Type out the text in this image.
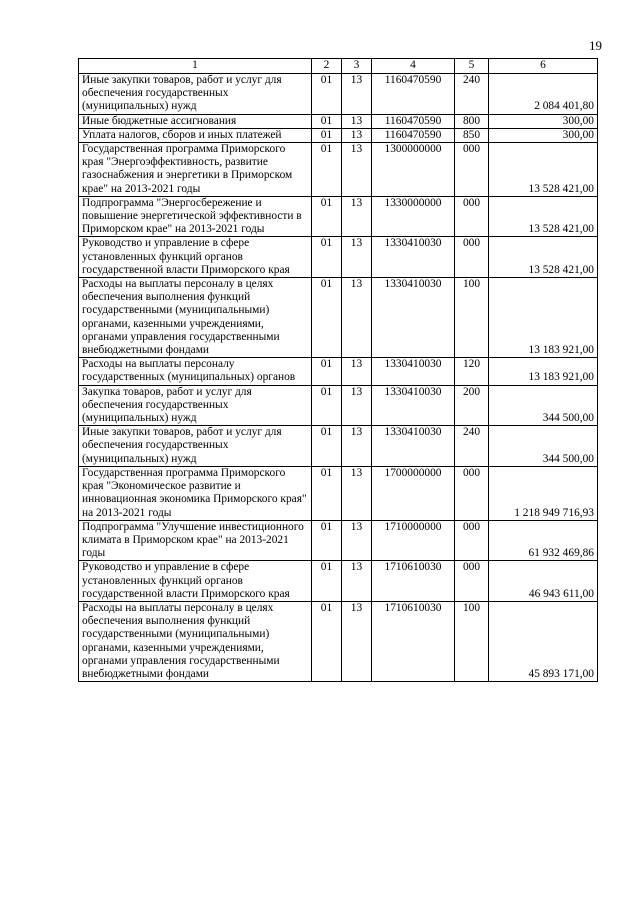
19
1	2	3	4	5	6
Иные закупки товаров, работ и услуг для обеспечения государственных (муниципальных) нужд	01	13	1160470590	240	2 084 401,80
Иные бюджетные ассигнования	01	13	1160470590	800	300,00
Уплата налогов, сборов и иных платежей	01	13	1160470590	850	300,00
Государственная программа Приморского края "Энергоэффективность, развитие газоснабжения и энергетики в Приморском крае" на 2013-2021 годы	01	13	1300000000	000	13 528 421,00
Подпрограмма "Энергосбережение и повышение энергетической эффективности в Приморском крае" на 2013-2021 годы	01	13	1330000000	000	13 528 421,00
Руководство и управление в сфере установленных функций органов государственной власти Приморского края	01	13	1330410030	000	13 528 421,00
Расходы на выплаты персоналу в целях обеспечения выполнения функций государственными (муниципальными) органами, казенными учреждениями, органами управления государственными внебюджетными фондами	01	13	1330410030	100	13 183 921,00
Расходы на выплаты персоналу государственных (муниципальных) органов	01	13	1330410030	120	13 183 921,00
Закупка товаров, работ и услуг для обеспечения государственных (муниципальных) нужд	01	13	1330410030	200	344 500,00
Иные закупки товаров, работ и услуг для обеспечения государственных (муниципальных) нужд	01	13	1330410030	240	344 500,00
Государственная программа Приморского края "Экономическое развитие и инновационная экономика Приморского края" на 2013-2021 годы	01	13	1700000000	000	1 218 949 716,93
Подпрограмма "Улучшение инвестиционного климата в Приморском крае" на 2013-2021 годы	01	13	1710000000	000	61 932 469,86
Руководство и управление в сфере установленных функций органов государственной власти Приморского края	01	13	1710610030	000	46 943 611,00
Расходы на выплаты персоналу в целях обеспечения выполнения функций государственными (муниципальными) органами, казенными учреждениями, органами управления государственными внебюджетными фондами	01	13	1710610030	100	45 893 171,00
